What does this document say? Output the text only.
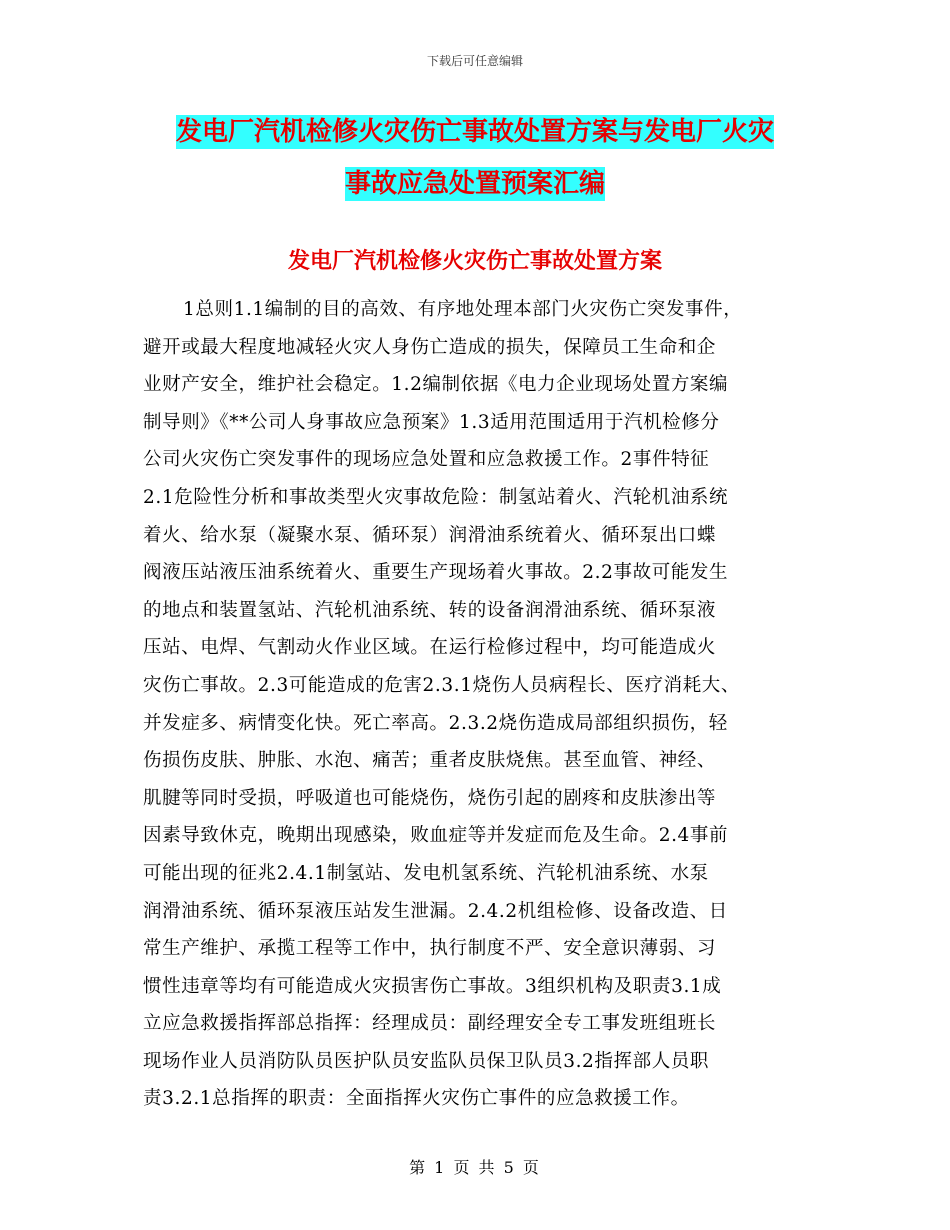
下载后可任意编辑
发电厂汽机检修火灾伤亡事故处置方案与发电厂火灾
事故应急处置预案汇编
发电厂汽机检修火灾伤亡事故处置方案
1总则1.1编制的目的高效、有序地处理本部门火灾伤亡突发事件，
避开或最大程度地减轻火灾人身伤亡造成的损失，保障员工生命和企
业财产安全，维护社会稳定。1.2编制依据《电力企业现场处置方案编
制导则》《**公司人身事故应急预案》1.3适用范围适用于汽机检修分
公司火灾伤亡突发事件的现场应急处置和应急救援工作。2事件特征
2.1危险性分析和事故类型火灾事故危险：制氢站着火、汽轮机油系统
着火、给水泵（凝聚水泵、循环泵）润滑油系统着火、循环泵出口蝶
阀液压站液压油系统着火、重要生产现场着火事故。2.2事故可能发生
的地点和装置氢站、汽轮机油系统、转的设备润滑油系统、循环泵液
压站、电焊、气割动火作业区域。在运行检修过程中，均可能造成火
灾伤亡事故。2.3可能造成的危害2.3.1烧伤人员病程长、医疗消耗大、
并发症多、病情变化快。死亡率高。2.3.2烧伤造成局部组织损伤，轻
伤损伤皮肤、肿胀、水泡、痛苦；重者皮肤烧焦。甚至血管、神经、
肌腱等同时受损，呼吸道也可能烧伤，烧伤引起的剧疼和皮肤渗出等
因素导致休克，晚期出现感染，败血症等并发症而危及生命。2.4事前
可能出现的征兆2.4.1制氢站、发电机氢系统、汽轮机油系统、水泵
润滑油系统、循环泵液压站发生泄漏。2.4.2机组检修、设备改造、日
常生产维护、承揽工程等工作中，执行制度不严、安全意识薄弱、习
惯性违章等均有可能造成火灾损害伤亡事故。3组织机构及职责3.1成
立应急救援指挥部总指挥：经理成员：副经理安全专工事发班组班长
现场作业人员消防队员医护队员安监队员保卫队员3.2指挥部人员职
责3.2.1总指挥的职责：全面指挥火灾伤亡事件的应急救援工作。
第 1 页 共 5 页
